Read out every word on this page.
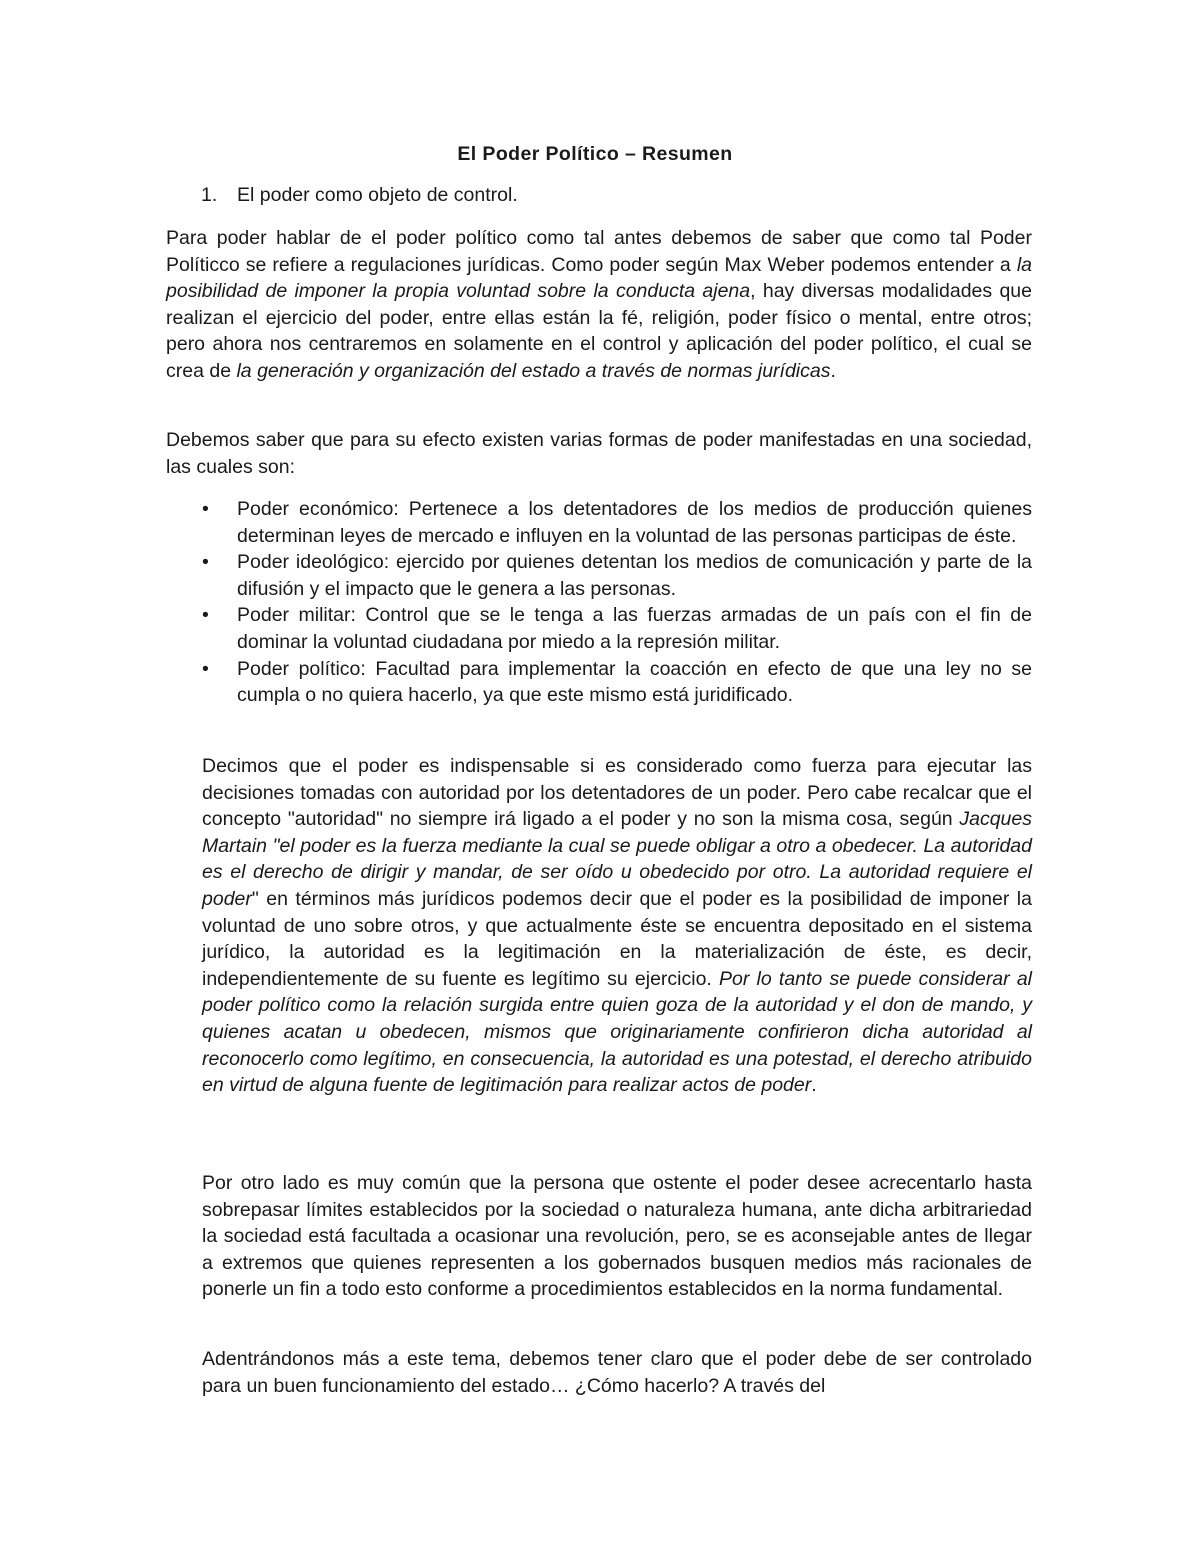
El Poder Político – Resumen
1. El poder como objeto de control.

Para poder hablar de el poder político como tal antes debemos de saber que como tal Poder Políticco se refiere a regulaciones jurídicas. Como poder según Max Weber podemos entender a la posibilidad de imponer la propia voluntad sobre la conducta ajena, hay diversas modalidades que realizan el ejercicio del poder, entre ellas están la fé, religión, poder físico o mental, entre otros; pero ahora nos centraremos en solamente en el control y aplicación del poder político, el cual se crea de la generación y organización del estado a través de normas jurídicas.

Debemos saber que para su efecto existen varias formas de poder manifestadas en una sociedad, las cuales son:

•	Poder económico: Pertenece a los detentadores de los medios de producción quienes determinan leyes de mercado e influyen en la voluntad de las personas participas de éste.
•	Poder ideológico: ejercido por quienes detentan los medios de comunicación y parte de la difusión y el impacto que le genera a las personas.
•	Poder militar: Control que se le tenga a las fuerzas armadas de un país con el fin de dominar la voluntad ciudadana por miedo a la represión militar.
•	Poder político: Facultad para implementar la coacción en efecto de que una ley no se cumpla o no quiera hacerlo, ya que este mismo está juridificado.

Decimos que el poder es indispensable si es considerado como fuerza para ejecutar las decisiones tomadas con autoridad por los detentadores de un poder. Pero cabe recalcar que el concepto "autoridad" no siempre irá ligado a el poder y no son la misma cosa, según Jacques Martain "el poder es la fuerza mediante la cual se puede obligar a otro a obedecer. La autoridad es el derecho de dirigir y mandar, de ser oído u obedecido por otro. La autoridad requiere el poder" en términos más jurídicos podemos decir que el poder es la posibilidad de imponer la voluntad de uno sobre otros, y que actualmente éste se encuentra depositado en el sistema jurídico, la autoridad es la legitimación en la materialización de éste, es decir, independientemente de su fuente es legítimo su ejercicio. Por lo tanto se puede considerar al poder político como la relación surgida entre quien goza de la autoridad y el don de mando, y quienes acatan u obedecen, mismos que originariamente confirieron dicha autoridad al reconocerlo como legítimo, en consecuencia, la autoridad es una potestad, el derecho atribuido en virtud de alguna fuente de legitimación para realizar actos de poder.

Por otro lado es muy común que la persona que ostente el poder desee acrecentarlo hasta sobrepasar límites establecidos por la sociedad o naturaleza humana, ante dicha arbitrariedad la sociedad está facultada a ocasionar una revolución, pero, se es aconsejable antes de llegar a extremos que quienes representen a los gobernados busquen medios más racionales de ponerle un fin a todo esto conforme a procedimientos establecidos en la norma fundamental.

Adentrándonos más a este tema, debemos tener claro que el poder debe de ser controlado para un buen funcionamiento del estado… ¿Cómo hacerlo? A través del
